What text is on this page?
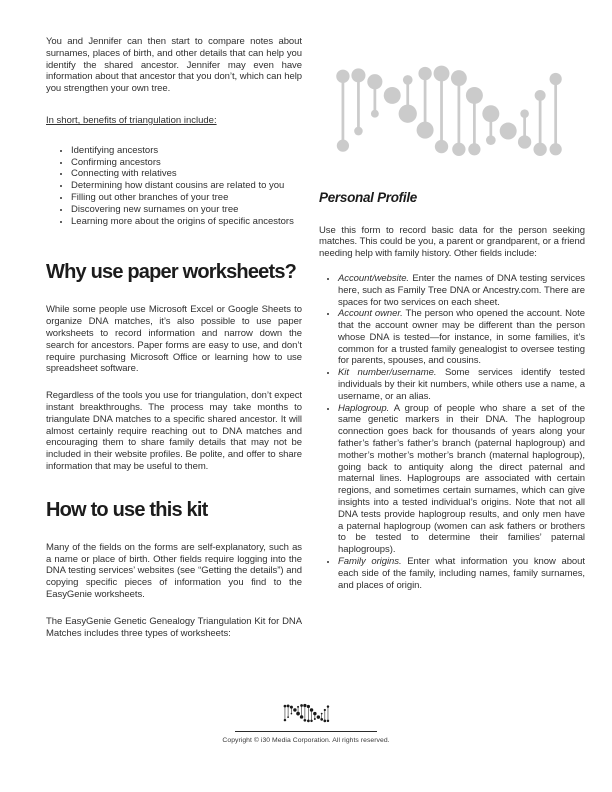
You and Jennifer can then start to compare notes about surnames, places of birth, and other details that can help you identify the shared ancestor. Jennifer may even have information about that ancestor that you don’t, which can help you strengthen your own tree.

In short, benefits of triangulation include:

• Identifying ancestors
• Confirming ancestors
• Connecting with relatives
• Determining how distant cousins are related to you
• Filling out other branches of your tree
• Discovering new surnames on your tree
• Learning more about the origins of specific ancestors
Why use paper worksheets?

While some people use Microsoft Excel or Google Sheets to organize DNA matches, it’s also possible to use paper worksheets to record information and narrow down the search for ancestors. Paper forms are easy to use, and don’t require purchasing Microsoft Office or learning how to use spreadsheet software.

Regardless of the tools you use for triangulation, don’t expect instant breakthroughs. The process may take months to triangulate DNA matches to a specific shared ancestor. It will almost certainly require reaching out to DNA matches and encouraging them to share family details that may not be included in their website profiles. Be polite, and offer to share information that may be useful to them.

How to use this kit

Many of the fields on the forms are self-explanatory, such as a name or place of birth. Other fields require logging into the DNA testing services’ websites (see “Getting the details”) and copying specific pieces of information you find to the EasyGenie worksheets.

The EasyGenie Genetic Genealogy Triangulation Kit for DNA Matches includes three types of worksheets:

Personal Profile

Use this form to record basic data for the person seeking matches. This could be you, a parent or grandparent, or a friend needing help with family history. Other fields include:

• Account/website. Enter the names of DNA testing services here, such as Family Tree DNA or Ancestry.com. There are spaces for two services on each sheet.
• Account owner. The person who opened the account. Note that the account owner may be different than the person whose DNA is tested—for instance, in some families, it’s common for a trusted family genealogist to oversee testing for parents, spouses, and cousins.
• Kit number/username. Some services identify tested individuals by their kit numbers, while others use a name, a username, or an alias.
• Haplogroup. A group of people who share a set of the same genetic markers in their DNA. The haplogroup connection goes back for thousands of years along your father’s father’s father’s branch (paternal haplogroup) and mother’s mother’s mother’s branch (maternal haplogroup), going back to antiquity along the direct paternal and maternal lines. Haplogroups are associated with certain regions, and sometimes certain surnames, which can give insights into a tested individual’s origins. Note that not all DNA tests provide haplogroup results, and only men have a paternal haplogroup (women can ask fathers or brothers to be tested to determine their families’ paternal haplogroups).
• Family origins. Enter what information you know about each side of the family, including names, family surnames, and places of origin.

Copyright © i30 Media Corporation. All rights reserved.
